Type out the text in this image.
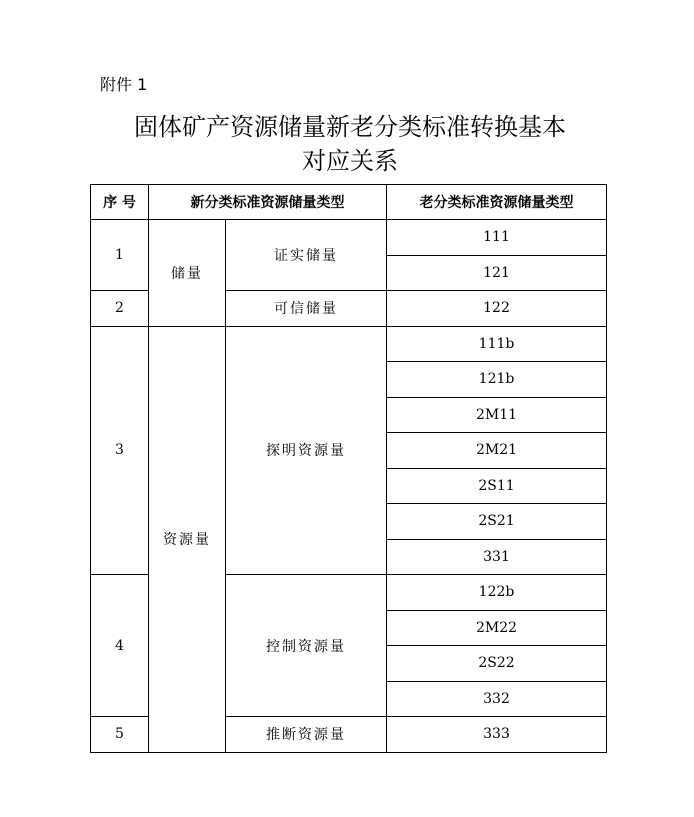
附件 1
固体矿产资源储量新老分类标准转换基本
对应关系
序 号	新分类标准资源储量类型		老分类标准资源储量类型
1	储量	证实储量	111
			121
2		可信储量	122
3	资源量	探明资源量	111b
			121b
			2M11
			2M21
			2S11
			2S21
			331
4		控制资源量	122b
			2M22
			2S22
			332
5		推断资源量	333
